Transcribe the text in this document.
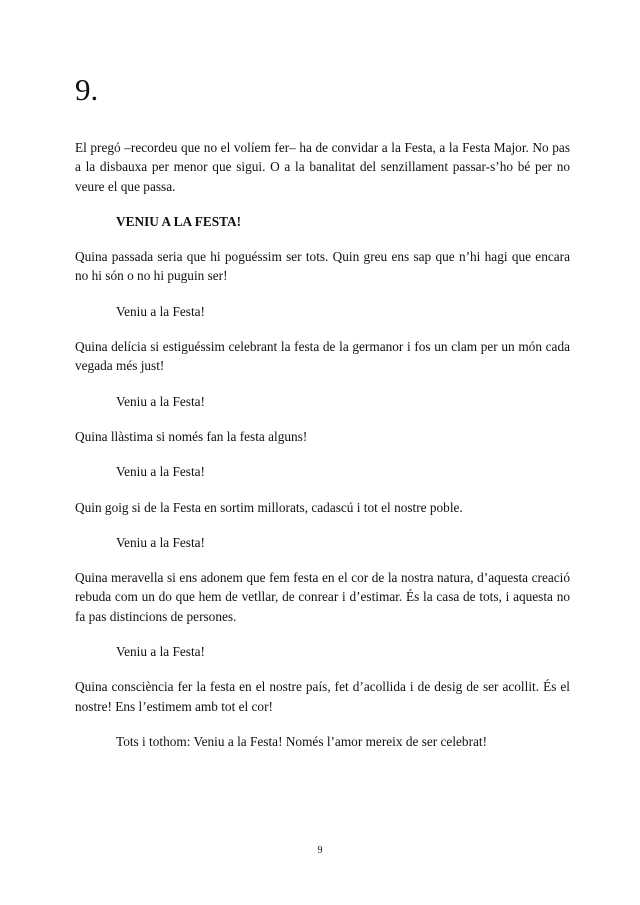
9.

El pregó –recordeu que no el volíem fer– ha de convidar a la Festa, a la Festa Major. No pas a la disbauxa per menor que sigui. O a la banalitat del senzillament passar-s’ho bé per no veure el que passa.

VENIU A LA FESTA!

Quina passada seria que hi poguéssim ser tots. Quin greu ens sap que n’hi hagi que encara no hi són o no hi puguin ser!

Veniu a la Festa!

Quina delícia si estiguéssim celebrant la festa de la germanor i fos un clam per un món cada vegada més just!

Veniu a la Festa!

Quina llàstima si només fan la festa alguns!

Veniu a la Festa!

Quin goig si de la Festa en sortim millorats, cadascú i tot el nostre poble.

Veniu a la Festa!

Quina meravella si ens adonem que fem festa en el cor de la nostra natura, d’aquesta creació rebuda com un do que hem de vetllar, de conrear i d’estimar. És la casa de tots, i aquesta no fa pas distincions de persones.

Veniu a la Festa!

Quina consciència fer la festa en el nostre país, fet d’acollida i de desig de ser acollit. És el nostre! Ens l’estimem amb tot el cor!

Tots i tothom: Veniu a la Festa! Només l’amor mereix de ser celebrat!

9
